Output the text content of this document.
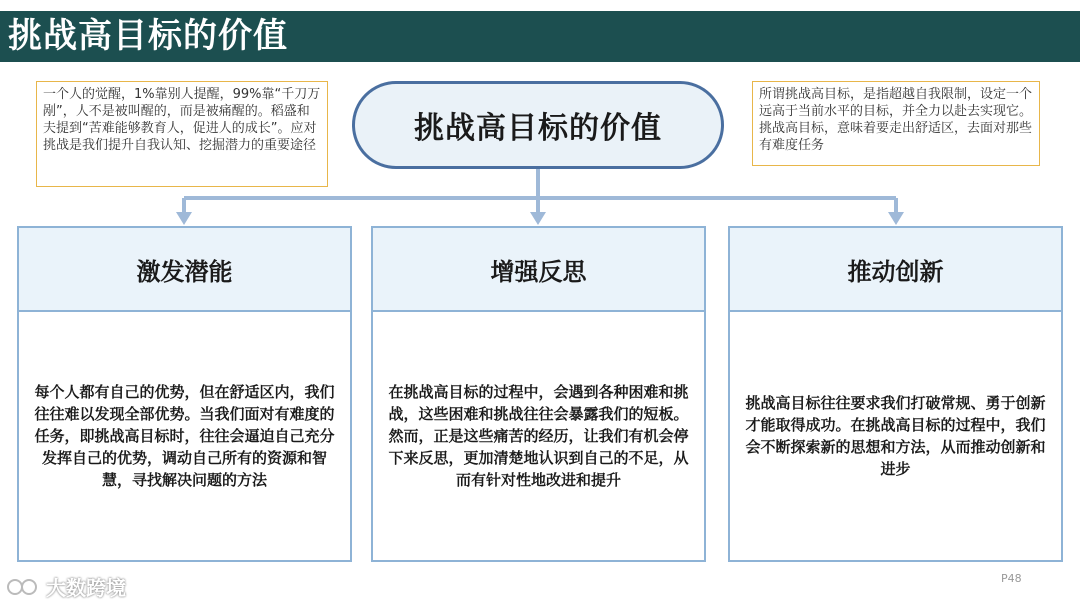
挑战高目标的价值
一个人的觉醒，1%靠别人提醒，99%靠“千刀万剐”，人不是被叫醒的，而是被痛醒的。稻盛和夫提到“苦难能够教育人，促进人的成长”。应对挑战是我们提升自我认知、挖掘潜力的重要途径
所谓挑战高目标，是指超越自我限制，设定一个远高于当前水平的目标，并全力以赴去实现它。挑战高目标，意味着要走出舒适区，去面对那些有难度任务
挑战高目标的价值
激发潜能

每个人都有自己的优势，但在舒适区内，我们往往难以发现全部优势。当我们面对有难度的任务，即挑战高目标时，往往会逼迫自己充分发挥自己的优势，调动自己所有的资源和智慧，寻找解决问题的方法

增强反思

在挑战高目标的过程中，会遇到各种困难和挑战，这些困难和挑战往往会暴露我们的短板。然而，正是这些痛苦的经历，让我们有机会停下来反思，更加清楚地认识到自己的不足，从而有针对性地改进和提升

推动创新

挑战高目标往往要求我们打破常规、勇于创新才能取得成功。在挑战高目标的过程中，我们会不断探索新的思想和方法，从而推动创新和进步

大数跨境	P48
